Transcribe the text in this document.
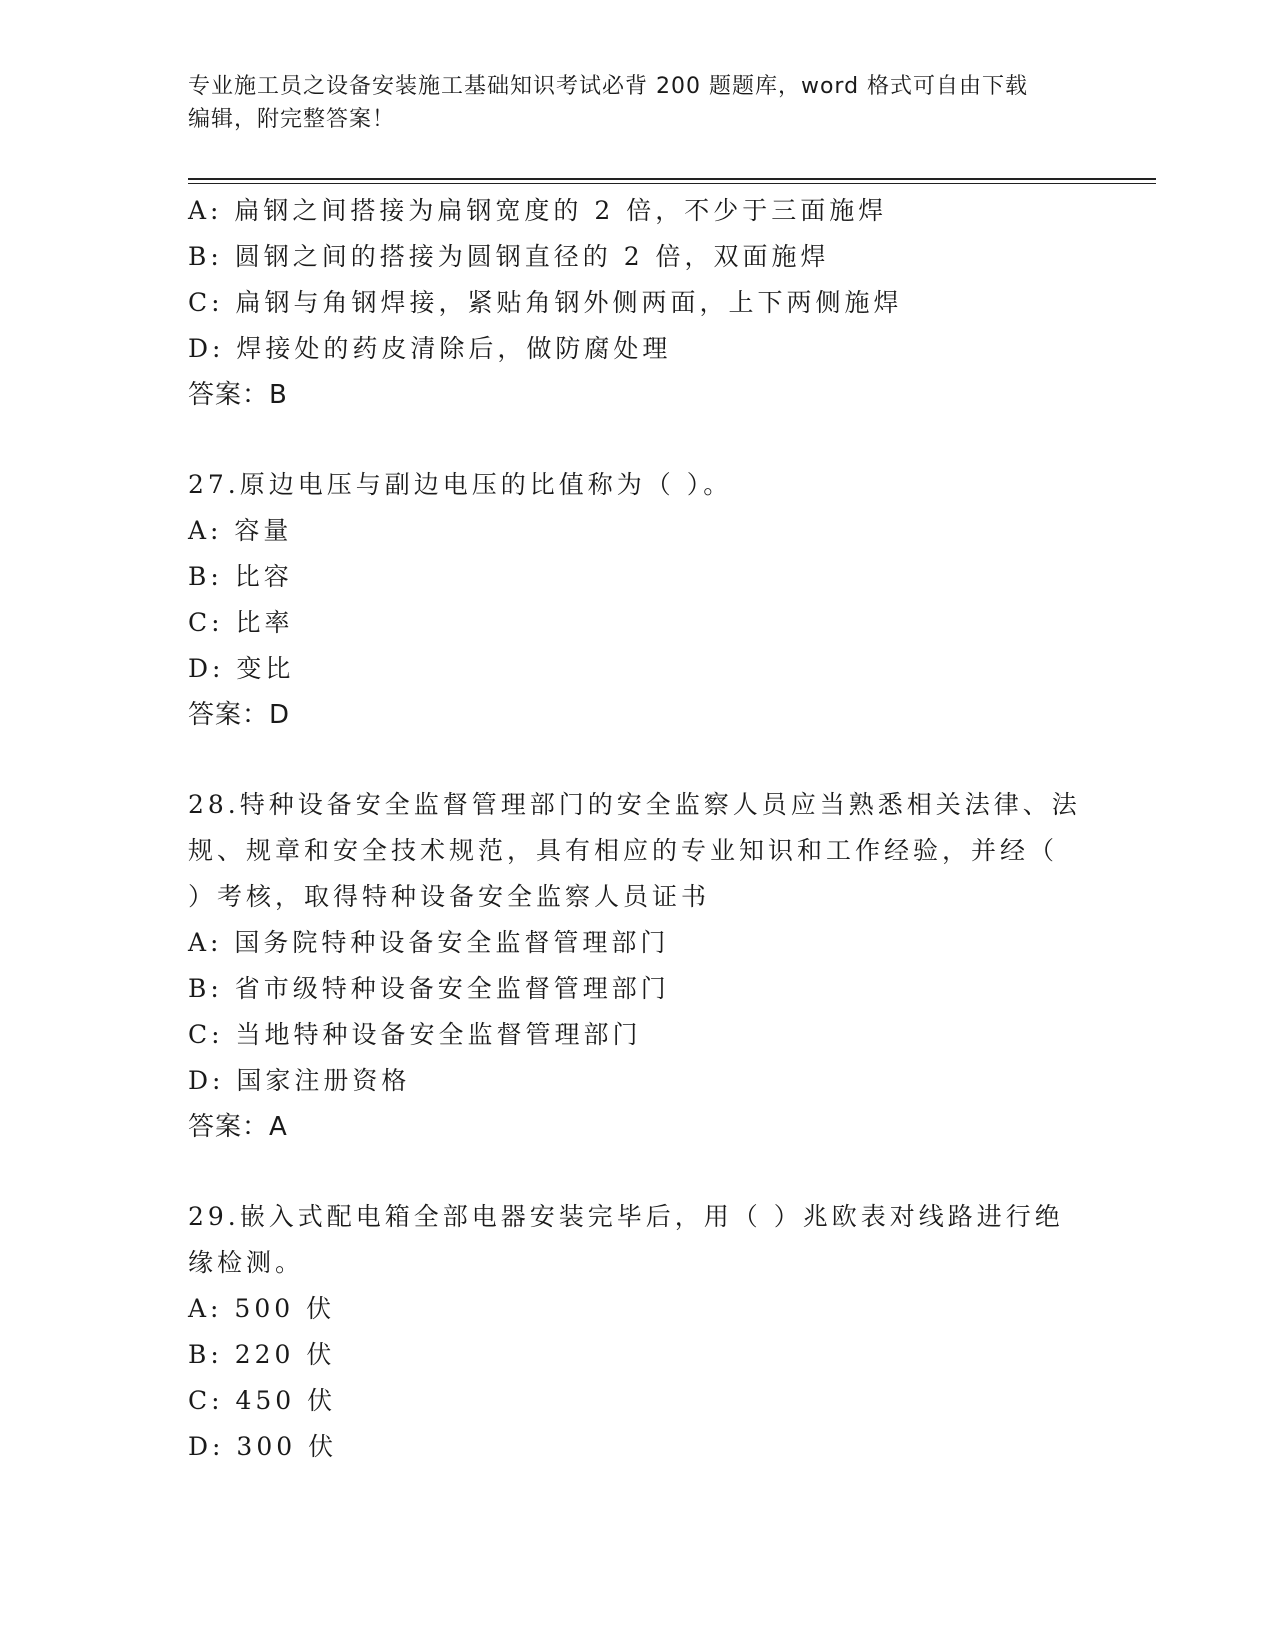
专业施工员之设备安装施工基础知识考试必背 200 题题库，word 格式可自由下载
编辑，附完整答案！
A: 扁钢之间搭接为扁钢宽度的 2 倍，不少于三面施焊
B: 圆钢之间的搭接为圆钢直径的 2 倍，双面施焊
C: 扁钢与角钢焊接，紧贴角钢外侧两面，上下两侧施焊
D: 焊接处的药皮清除后，做防腐处理
答案：B
27.原边电压与副边电压的比值称为（ ）。
A: 容量
B: 比容
C: 比率
D: 变比
答案：D
28.特种设备安全监督管理部门的安全监察人员应当熟悉相关法律、法
规、规章和安全技术规范，具有相应的专业知识和工作经验，并经（
）考核，取得特种设备安全监察人员证书
A: 国务院特种设备安全监督管理部门
B: 省市级特种设备安全监督管理部门
C: 当地特种设备安全监督管理部门
D: 国家注册资格
答案：A
29.嵌入式配电箱全部电器安装完毕后，用（ ）兆欧表对线路进行绝
缘检测。
A: 500 伏
B: 220 伏
C: 450 伏
D: 300 伏
